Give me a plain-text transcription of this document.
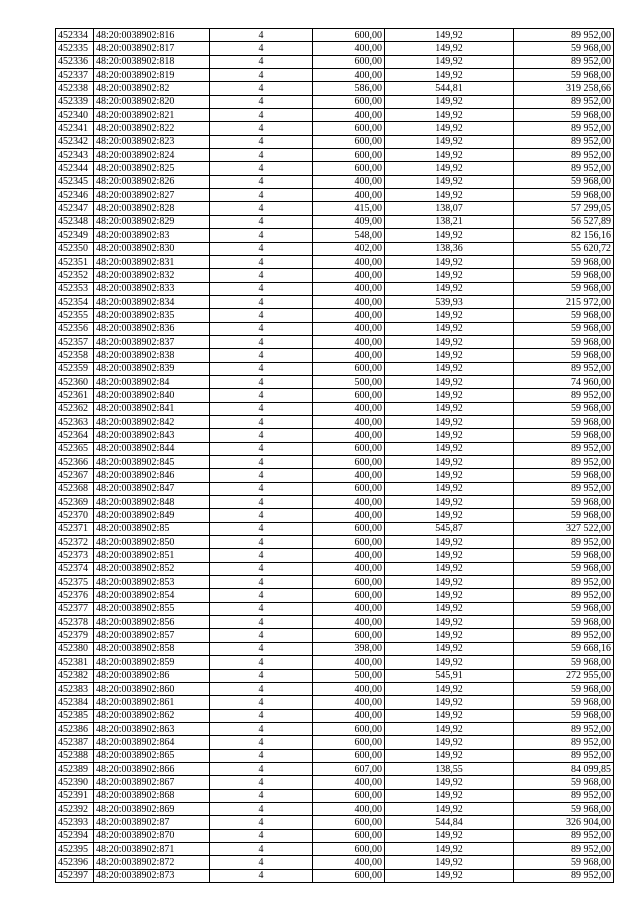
452334	48:20:0038902:816	4	600,00	149,92	89 952,00
452335	48:20:0038902:817	4	400,00	149,92	59 968,00
452336	48:20:0038902:818	4	600,00	149,92	89 952,00
452337	48:20:0038902:819	4	400,00	149,92	59 968,00
452338	48:20:0038902:82	4	586,00	544,81	319 258,66
452339	48:20:0038902:820	4	600,00	149,92	89 952,00
452340	48:20:0038902:821	4	400,00	149,92	59 968,00
452341	48:20:0038902:822	4	600,00	149,92	89 952,00
452342	48:20:0038902:823	4	600,00	149,92	89 952,00
452343	48:20:0038902:824	4	600,00	149,92	89 952,00
452344	48:20:0038902:825	4	600,00	149,92	89 952,00
452345	48:20:0038902:826	4	400,00	149,92	59 968,00
452346	48:20:0038902:827	4	400,00	149,92	59 968,00
452347	48:20:0038902:828	4	415,00	138,07	57 299,05
452348	48:20:0038902:829	4	409,00	138,21	56 527,89
452349	48:20:0038902:83	4	548,00	149,92	82 156,16
452350	48:20:0038902:830	4	402,00	138,36	55 620,72
452351	48:20:0038902:831	4	400,00	149,92	59 968,00
452352	48:20:0038902:832	4	400,00	149,92	59 968,00
452353	48:20:0038902:833	4	400,00	149,92	59 968,00
452354	48:20:0038902:834	4	400,00	539,93	215 972,00
452355	48:20:0038902:835	4	400,00	149,92	59 968,00
452356	48:20:0038902:836	4	400,00	149,92	59 968,00
452357	48:20:0038902:837	4	400,00	149,92	59 968,00
452358	48:20:0038902:838	4	400,00	149,92	59 968,00
452359	48:20:0038902:839	4	600,00	149,92	89 952,00
452360	48:20:0038902:84	4	500,00	149,92	74 960,00
452361	48:20:0038902:840	4	600,00	149,92	89 952,00
452362	48:20:0038902:841	4	400,00	149,92	59 968,00
452363	48:20:0038902:842	4	400,00	149,92	59 968,00
452364	48:20:0038902:843	4	400,00	149,92	59 968,00
452365	48:20:0038902:844	4	600,00	149,92	89 952,00
452366	48:20:0038902:845	4	600,00	149,92	89 952,00
452367	48:20:0038902:846	4	400,00	149,92	59 968,00
452368	48:20:0038902:847	4	600,00	149,92	89 952,00
452369	48:20:0038902:848	4	400,00	149,92	59 968,00
452370	48:20:0038902:849	4	400,00	149,92	59 968,00
452371	48:20:0038902:85	4	600,00	545,87	327 522,00
452372	48:20:0038902:850	4	600,00	149,92	89 952,00
452373	48:20:0038902:851	4	400,00	149,92	59 968,00
452374	48:20:0038902:852	4	400,00	149,92	59 968,00
452375	48:20:0038902:853	4	600,00	149,92	89 952,00
452376	48:20:0038902:854	4	600,00	149,92	89 952,00
452377	48:20:0038902:855	4	400,00	149,92	59 968,00
452378	48:20:0038902:856	4	400,00	149,92	59 968,00
452379	48:20:0038902:857	4	600,00	149,92	89 952,00
452380	48:20:0038902:858	4	398,00	149,92	59 668,16
452381	48:20:0038902:859	4	400,00	149,92	59 968,00
452382	48:20:0038902:86	4	500,00	545,91	272 955,00
452383	48:20:0038902:860	4	400,00	149,92	59 968,00
452384	48:20:0038902:861	4	400,00	149,92	59 968,00
452385	48:20:0038902:862	4	400,00	149,92	59 968,00
452386	48:20:0038902:863	4	600,00	149,92	89 952,00
452387	48:20:0038902:864	4	600,00	149,92	89 952,00
452388	48:20:0038902:865	4	600,00	149,92	89 952,00
452389	48:20:0038902:866	4	607,00	138,55	84 099,85
452390	48:20:0038902:867	4	400,00	149,92	59 968,00
452391	48:20:0038902:868	4	600,00	149,92	89 952,00
452392	48:20:0038902:869	4	400,00	149,92	59 968,00
452393	48:20:0038902:87	4	600,00	544,84	326 904,00
452394	48:20:0038902:870	4	600,00	149,92	89 952,00
452395	48:20:0038902:871	4	600,00	149,92	89 952,00
452396	48:20:0038902:872	4	400,00	149,92	59 968,00
452397	48:20:0038902:873	4	600,00	149,92	89 952,00
